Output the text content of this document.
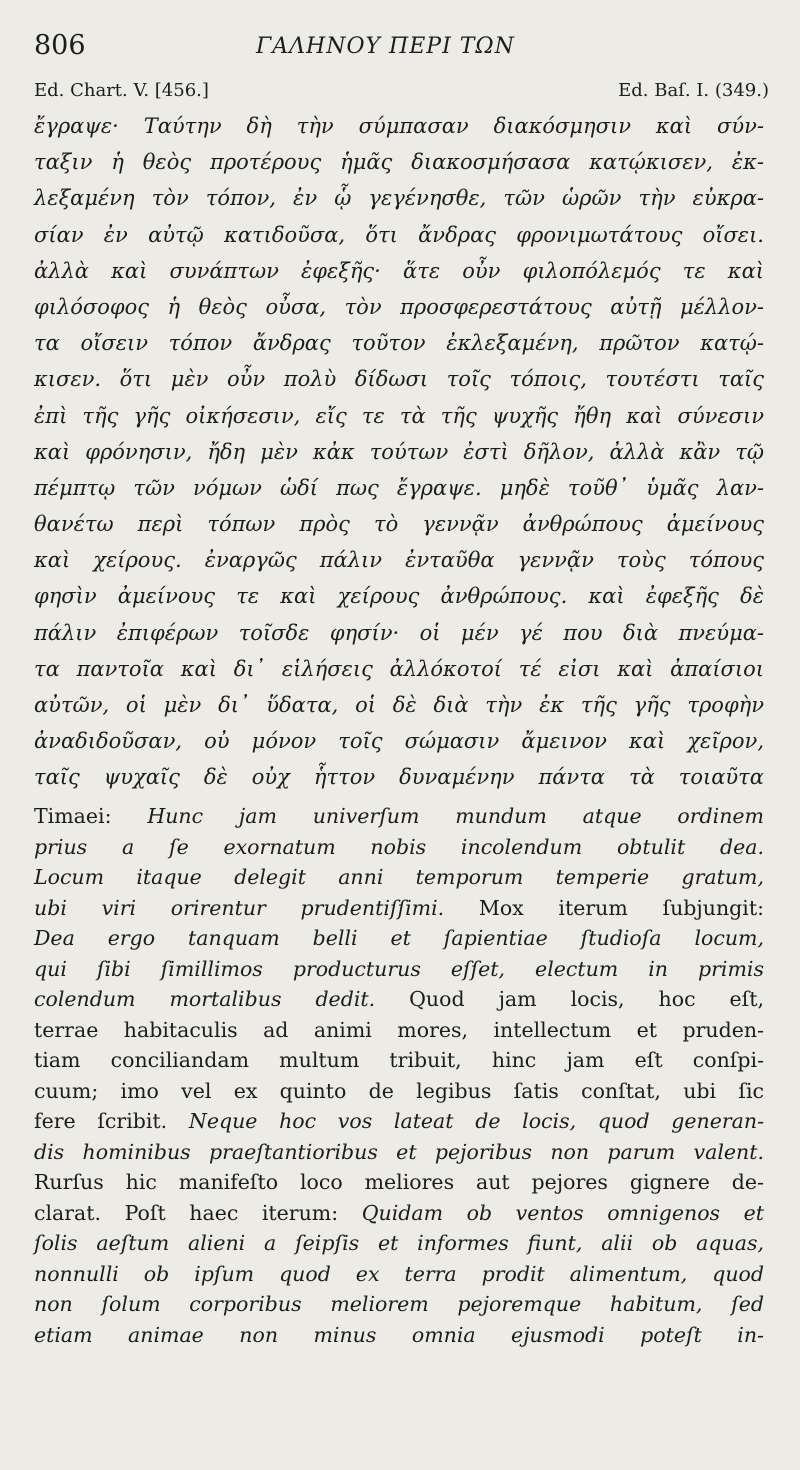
806	ΓΑΛΗΝΟΥ ΠΕΡΙ ΤΩΝ
Ed. Chart. V. [456.]	Ed. Baſ. I. (349.)
ἔγραψε· Ταύτην δὴ τὴν σύμπασαν διακόσμησιν καὶ σύν-
ταξιν ἡ θεὸς προτέρους ἡμᾶς διακοσμήσασα κατῴκισεν, ἐκ-
λεξαμένη τὸν τόπον, ἐν ᾧ γεγένησθε, τῶν ὡρῶν τὴν εὐκρα-
σίαν ἐν αὐτῷ κατιδοῦσα, ὅτι ἄνδρας φρονιμωτάτους οἴσει.
ἀλλὰ καὶ συνάπτων ἐφεξῆς· ἅτε οὖν φιλοπόλεμός τε καὶ
φιλόσοφος ἡ θεὸς οὖσα, τὸν προσφερεστάτους αὐτῇ μέλλον-
τα οἴσειν τόπον ἄνδρας τοῦτον ἐκλεξαμένη, πρῶτον κατῴ-
κισεν. ὅτι μὲν οὖν πολὺ δίδωσι τοῖς τόποις, τουτέστι ταῖς
ἐπὶ τῆς γῆς οἰκήσεσιν, εἴς τε τὰ τῆς ψυχῆς ἤθη καὶ σύνεσιν
καὶ φρόνησιν, ἤδη μὲν κἀκ τούτων ἐστὶ δῆλον, ἀλλὰ κἂν τῷ
πέμπτῳ τῶν νόμων ὡδί πως ἔγραψε. μηδὲ τοῦθ᾽ ὑμᾶς λαν-
θανέτω περὶ τόπων πρὸς τὸ γεννᾷν ἀνθρώπους ἀμείνους
καὶ χείρους. ἐναργῶς πάλιν ἐνταῦθα γεννᾷν τοὺς τόπους
φησὶν ἀμείνους τε καὶ χείρους ἀνθρώπους. καὶ ἐφεξῆς δὲ
πάλιν ἐπιφέρων τοῖσδε φησίν· οἱ μέν γέ που διὰ πνεύμα-
τα παντοῖα καὶ δι᾽ εἱλήσεις ἀλλόκοτοί τέ εἰσι καὶ ἀπαίσιοι
αὐτῶν, οἱ μὲν δι᾽ ὕδατα, οἱ δὲ διὰ τὴν ἐκ τῆς γῆς τροφὴν
ἀναδιδοῦσαν, οὐ μόνον τοῖς σώμασιν ἄμεινον καὶ χεῖρον,
ταῖς ψυχαῖς δὲ οὐχ ἧττον δυναμένην πάντα τὰ τοιαῦτα
Timaei: Hunc jam univerſum mundum atque ordinem
prius a ſe exornatum nobis incolendum obtulit dea.
Locum itaque delegit anni temporum temperie gratum,
ubi viri orirentur prudentiſſimi. Mox iterum ſubjungit:
Dea ergo tanquam belli et ſapientiae ſtudioſa locum,
qui ſibi ſimillimos producturus eſſet, electum in primis
colendum mortalibus dedit. Quod jam locis, hoc eſt,
terrae habitaculis ad animi mores, intellectum et pruden-
tiam conciliandam multum tribuit, hinc jam eſt conſpi-
cuum; imo vel ex quinto de legibus ſatis conſtat, ubi ſic
fere ſcribit. Neque hoc vos lateat de locis, quod generan-
dis hominibus praeſtantioribus et pejoribus non parum valent.
Rurſus hic manifeſto loco meliores aut pejores gignere de-
clarat. Poſt haec iterum: Quidam ob ventos omnigenos et
ſolis aeſtum alieni a ſeipſis et informes fiunt, alii ob aquas,
nonnulli ob ipſum quod ex terra prodit alimentum, quod
non ſolum corporibus meliorem pejoremque habitum, ſed
etiam animae non minus omnia ejusmodi poteſt in-
